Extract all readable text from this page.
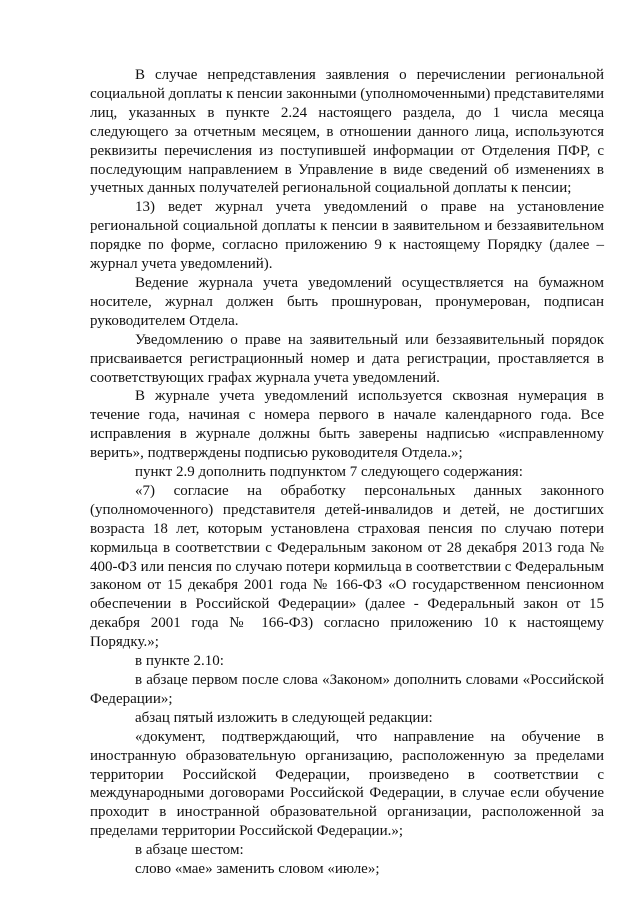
В случае непредставления заявления о перечислении региональной социальной доплаты к пенсии законными (уполномоченными) представителями лиц, указанных в пункте 2.24 настоящего раздела, до 1 числа месяца следующего за отчетным месяцем, в отношении данного лица, используются реквизиты перечисления из поступившей информации от Отделения ПФР, с последующим направлением в Управление в виде сведений об изменениях в учетных данных получателей региональной социальной доплаты к пенсии;

13) ведет журнал учета уведомлений о праве на установление региональной социальной доплаты к пенсии в заявительном и беззаявительном порядке по форме, согласно приложению 9 к настоящему Порядку (далее – журнал учета уведомлений).

Ведение журнала учета уведомлений осуществляется на бумажном носителе, журнал должен быть прошнурован, пронумерован, подписан руководителем Отдела.

Уведомлению о праве на заявительный или беззаявительный порядок присваивается регистрационный номер и дата регистрации, проставляется в соответствующих графах журнала учета уведомлений.

В журнале учета уведомлений используется сквозная нумерация в течение года, начиная с номера первого в начале календарного года. Все исправления в журнале должны быть заверены надписью «исправленному верить», подтверждены подписью руководителя Отдела.»;

пункт 2.9 дополнить подпунктом 7 следующего содержания:

«7) согласие на обработку персональных данных законного (уполномоченного) представителя детей-инвалидов и детей, не достигших возраста 18 лет, которым установлена страховая пенсия по случаю потери кормильца в соответствии с Федеральным законом от 28 декабря 2013 года № 400-ФЗ или пенсия по случаю потери кормильца в соответствии с Федеральным законом от 15 декабря 2001 года № 166-ФЗ «О государственном пенсионном обеспечении в Российской Федерации» (далее - Федеральный закон от 15 декабря 2001 года № 166-ФЗ) согласно приложению 10 к настоящему Порядку.»;

в пункте 2.10:

в абзаце первом после слова «Законом» дополнить словами «Российской Федерации»;

абзац пятый изложить в следующей редакции:

«документ, подтверждающий, что направление на обучение в иностранную образовательную организацию, расположенную за пределами территории Российской Федерации, произведено в соответствии с международными договорами Российской Федерации, в случае если обучение проходит в иностранной образовательной организации, расположенной за пределами территории Российской Федерации.»;

в абзаце шестом:

слово «мае» заменить словом «июле»;
